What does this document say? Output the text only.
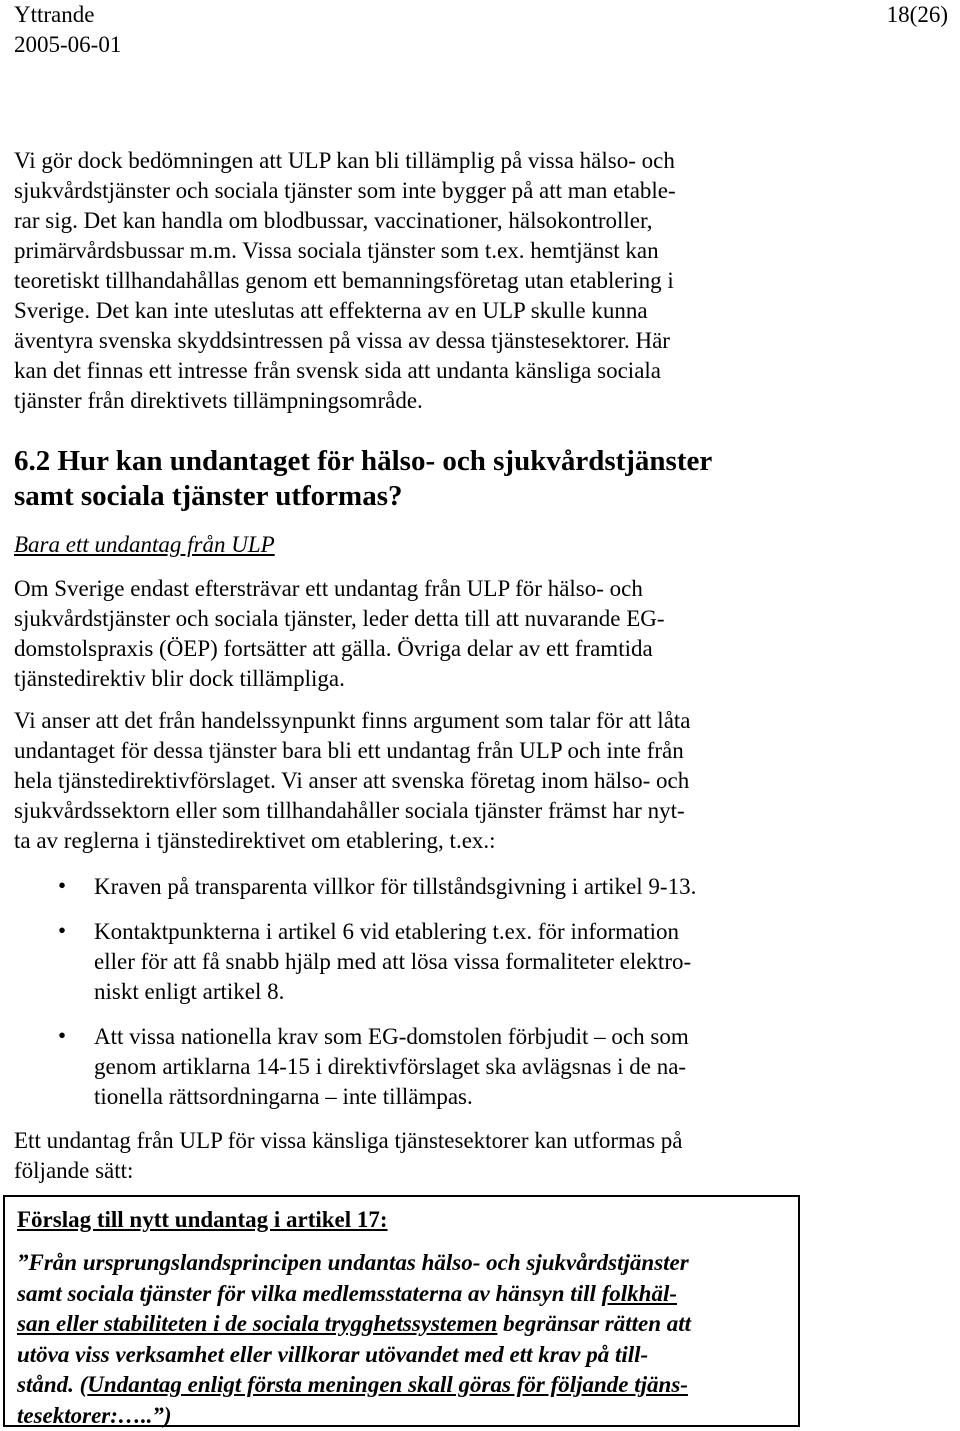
Yttrande
2005-06-01
18(26)
Vi gör dock bedömningen att ULP kan bli tillämplig på vissa hälso- och
sjukvårdstjänster och sociala tjänster som inte bygger på att man etable-
rar sig. Det kan handla om blodbussar, vaccinationer, hälsokontroller,
primärvårdsbussar m.m. Vissa sociala tjänster som t.ex. hemtjänst kan
teoretiskt tillhandahållas genom ett bemanningsföretag utan etablering i
Sverige. Det kan inte uteslutas att effekterna av en ULP skulle kunna
äventyra svenska skyddsintressen på vissa av dessa tjänstesektorer. Här
kan det finnas ett intresse från svensk sida att undanta känsliga sociala
tjänster från direktivets tillämpningsområde.
6.2 Hur kan undantaget för hälso- och sjukvårdstjänster
samt sociala tjänster utformas?
Bara ett undantag från ULP
Om Sverige endast eftersträvar ett undantag från ULP för hälso- och
sjukvårdstjänster och sociala tjänster, leder detta till att nuvarande EG-
domstolspraxis (ÖEP) fortsätter att gälla. Övriga delar av ett framtida
tjänstedirektiv blir dock tillämpliga.
Vi anser att det från handelssynpunkt finns argument som talar för att låta
undantaget för dessa tjänster bara bli ett undantag från ULP och inte från
hela tjänstedirektivförslaget. Vi anser att svenska företag inom hälso- och
sjukvårdssektorn eller som tillhandahåller sociala tjänster främst har nyt-
ta av reglerna i tjänstedirektivet om etablering, t.ex.:
• Kraven på transparenta villkor för tillståndsgivning i artikel 9-13.
• Kontaktpunkterna i artikel 6 vid etablering t.ex. för information
eller för att få snabb hjälp med att lösa vissa formaliteter elektro-
niskt enligt artikel 8.
• Att vissa nationella krav som EG-domstolen förbjudit – och som
genom artiklarna 14-15 i direktivförslaget ska avlägsnas i de na-
tionella rättsordningarna – inte tillämpas.
Ett undantag från ULP för vissa känsliga tjänstesektorer kan utformas på
följande sätt:
Förslag till nytt undantag i artikel 17:
”Från ursprungslandsprincipen undantas hälso- och sjukvårdstjänster
samt sociala tjänster för vilka medlemsstaterna av hänsyn till folkhäl-
san eller stabiliteten i de sociala trygghetssystemen begränsar rätten att
utöva viss verksamhet eller villkorar utövandet med ett krav på till-
stånd. (Undantag enligt första meningen skall göras för följande tjäns-
tesektorer:…..”)
